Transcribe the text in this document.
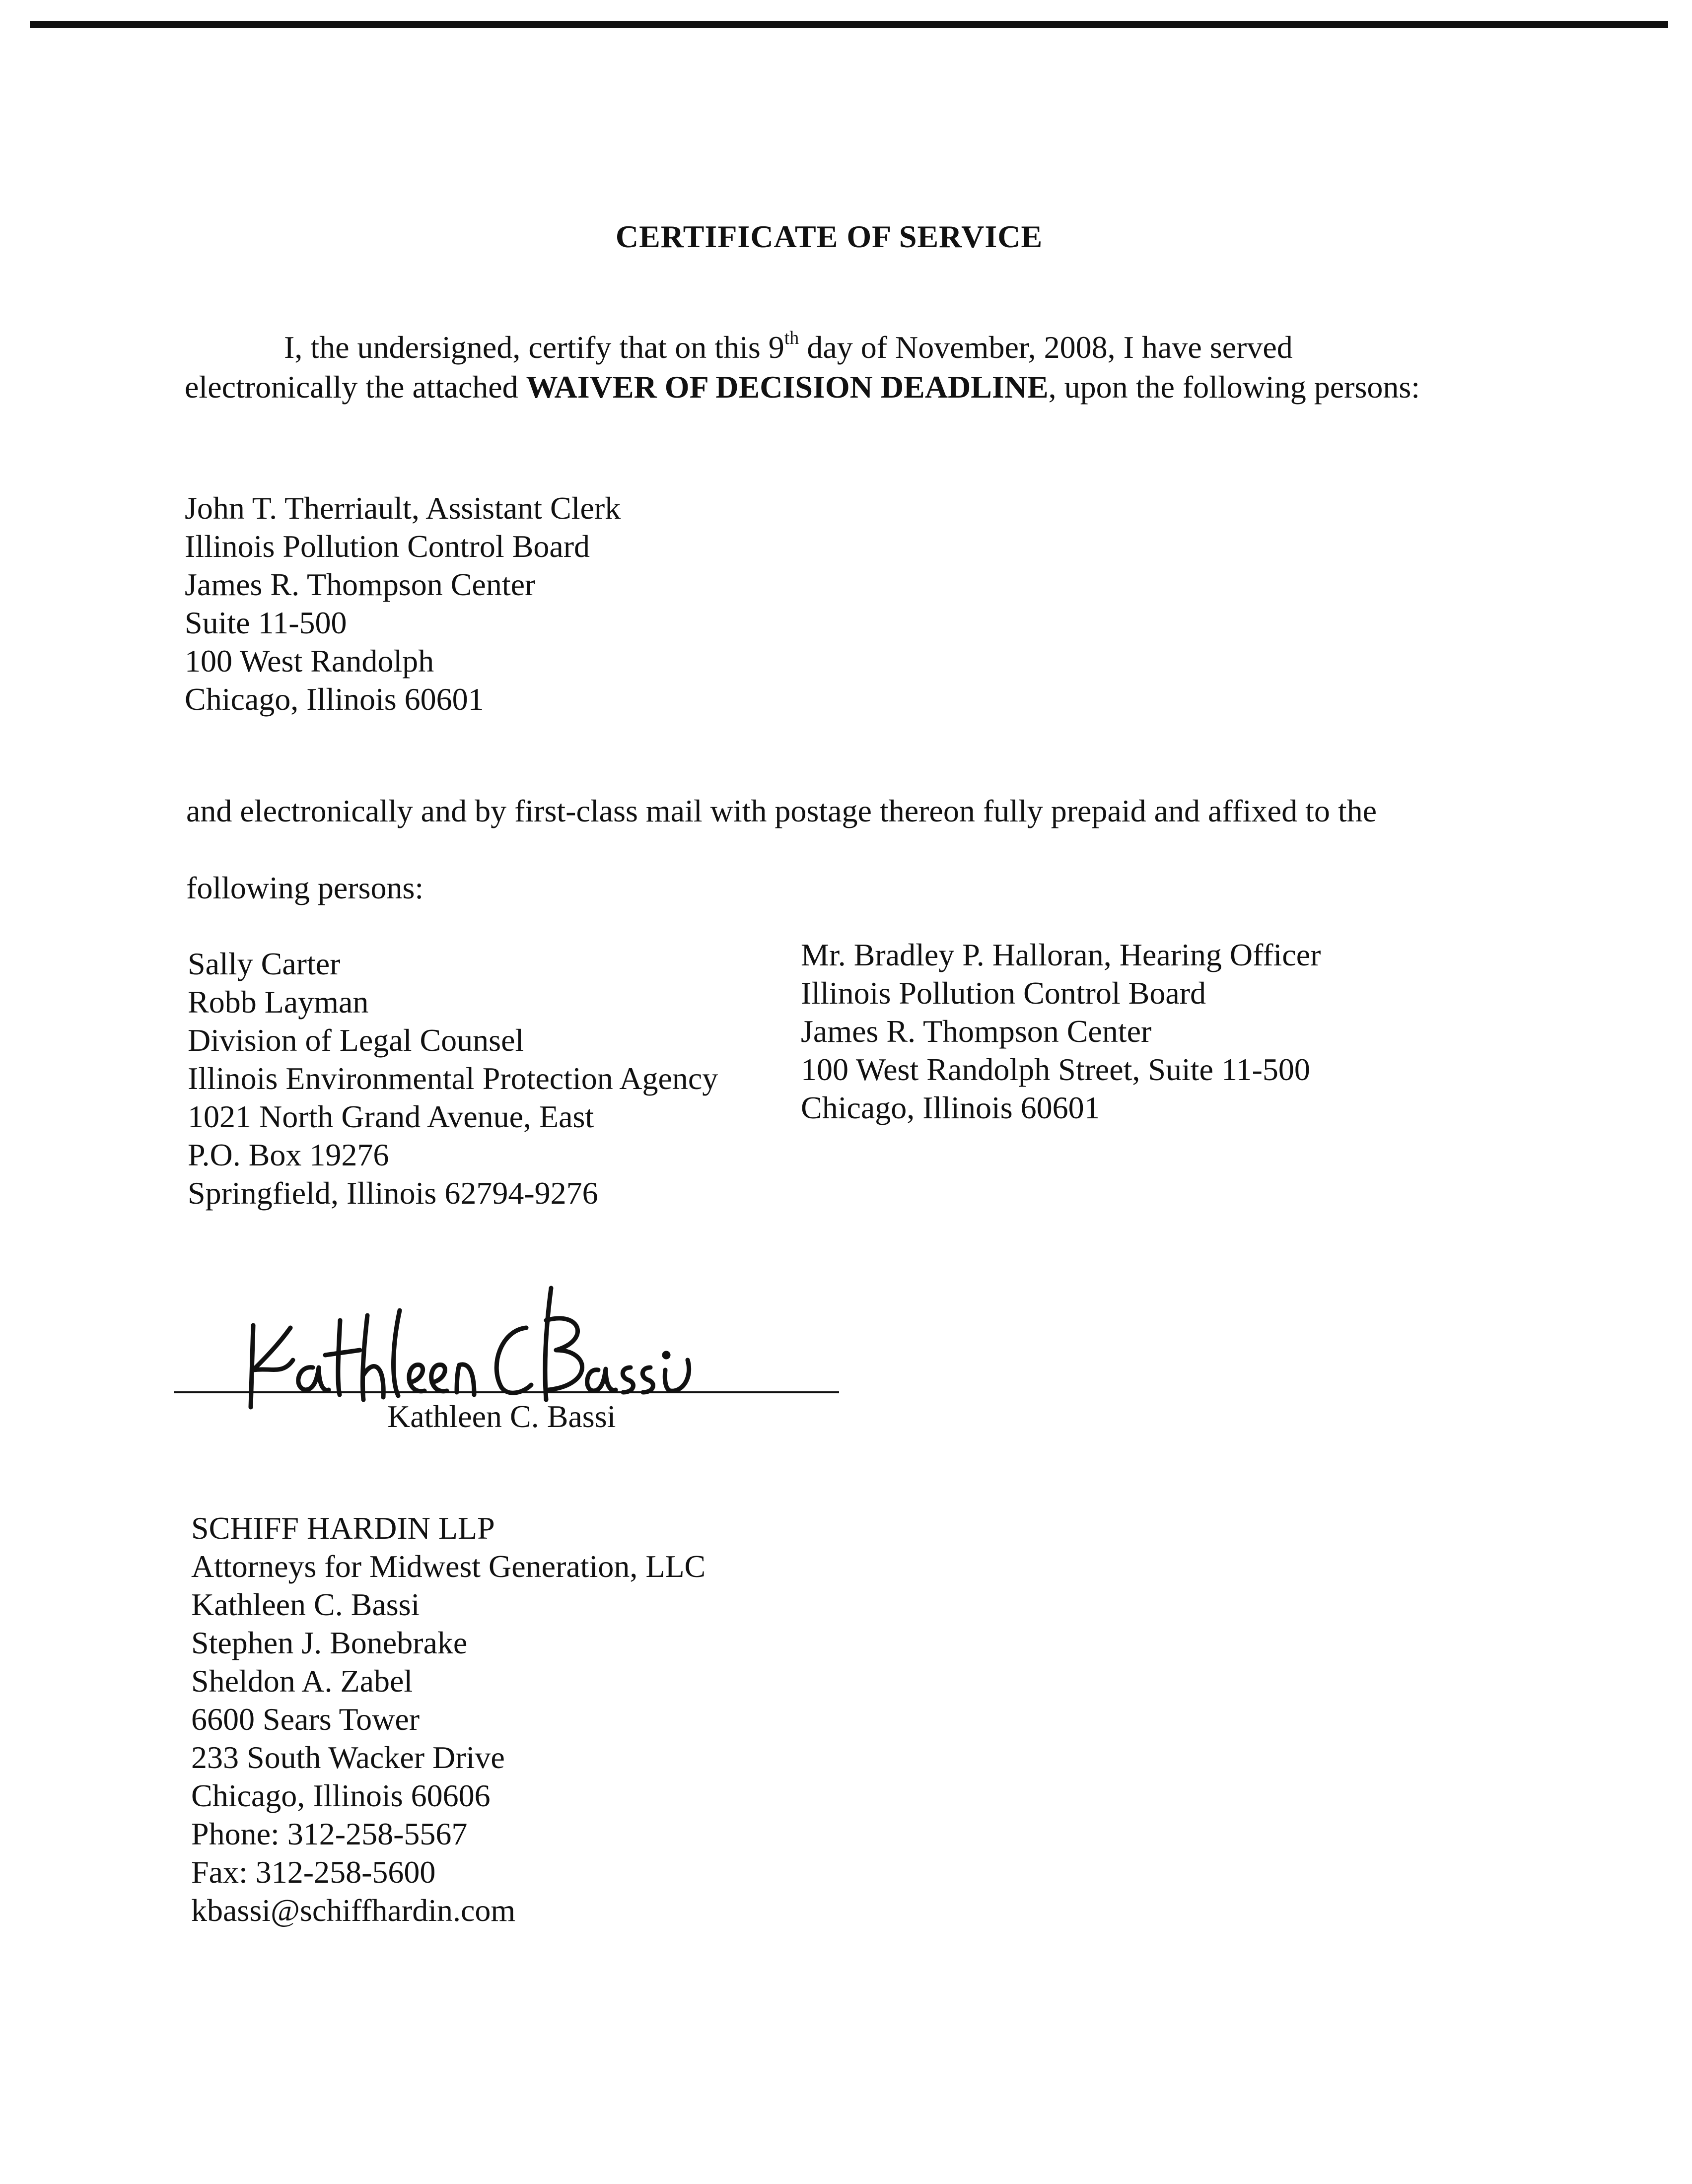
CERTIFICATE OF SERVICE
I, the undersigned, certify that on this 9th day of November, 2008, I have served electronically the attached WAIVER OF DECISION DEADLINE, upon the following persons:
John T. Therriault, Assistant Clerk
Illinois Pollution Control Board
James R. Thompson Center
Suite 11-500
100 West Randolph
Chicago, Illinois 60601
and electronically and by first-class mail with postage thereon fully prepaid and affixed to the
following persons:
Sally Carter
Robb Layman
Division of Legal Counsel
Illinois Environmental Protection Agency
1021 North Grand Avenue, East
P.O. Box 19276
Springfield, Illinois 62794-9276
Mr. Bradley P. Halloran, Hearing Officer
Illinois Pollution Control Board
James R. Thompson Center
100 West Randolph Street, Suite 11-500
Chicago, Illinois 60601
Kathleen C. Bassi
SCHIFF HARDIN LLP
Attorneys for Midwest Generation, LLC
Kathleen C. Bassi
Stephen J. Bonebrake
Sheldon A. Zabel
6600 Sears Tower
233 South Wacker Drive
Chicago, Illinois 60606
Phone: 312-258-5567
Fax: 312-258-5600
kbassi@schiffhardin.com
